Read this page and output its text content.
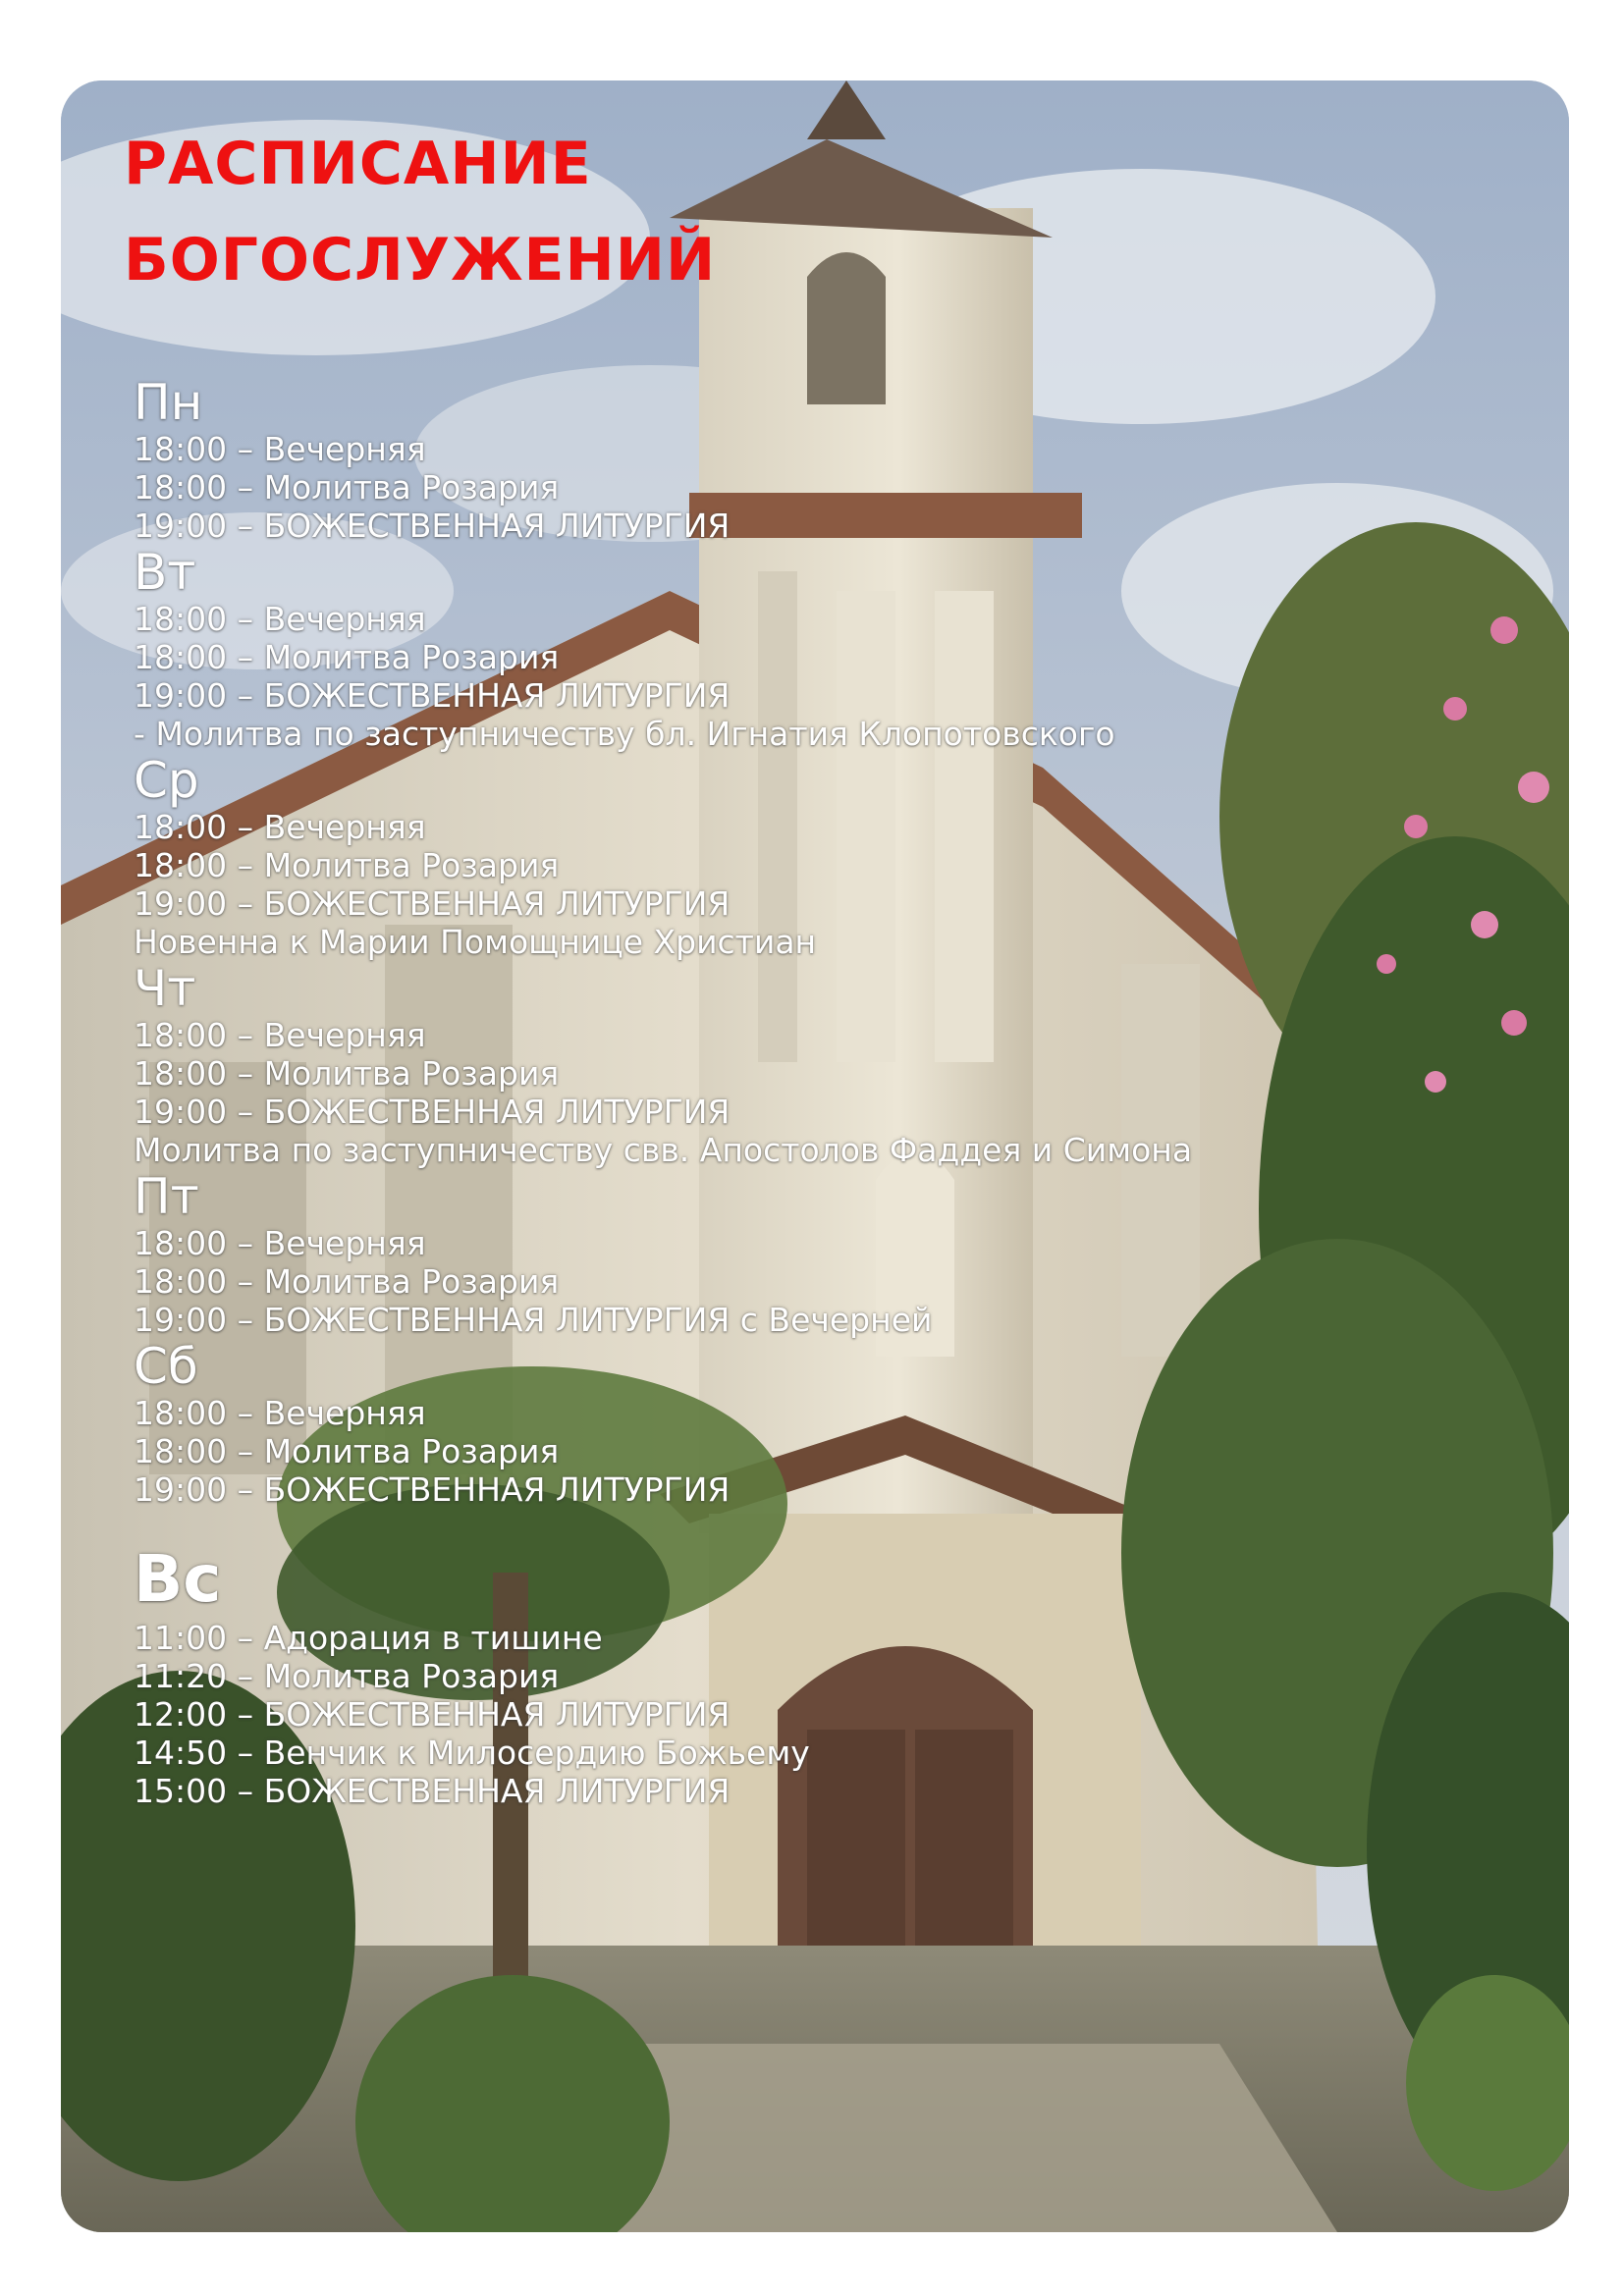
РАСПИСАНИЕ
БОГОСЛУЖЕНИЙ
Пн
18:00 – Вечерняя
18:00 – Молитва Розария
19:00 – БОЖЕСТВЕННАЯ ЛИТУРГИЯ
Вт
18:00 – Вечерняя
18:00 – Молитва Розария
19:00 – БОЖЕСТВЕННАЯ ЛИТУРГИЯ
- Молитва по заступничеству бл. Игнатия Клопотовского
Ср
18:00 – Вечерняя
18:00 – Молитва Розария
19:00 – БОЖЕСТВЕННАЯ ЛИТУРГИЯ
Новенна к Марии Помощнице Христиан
Чт
18:00 – Вечерняя
18:00 – Молитва Розария
19:00 – БОЖЕСТВЕННАЯ ЛИТУРГИЯ
Молитва по заступничеству свв. Апостолов Фаддея и Симона
Пт
18:00 – Вечерняя
18:00 – Молитва Розария
19:00 – БОЖЕСТВЕННАЯ ЛИТУРГИЯ с Вечерней
Сб
18:00 – Вечерняя
18:00 – Молитва Розария
19:00 – БОЖЕСТВЕННАЯ ЛИТУРГИЯ
Вс
11:00 – Адорация в тишине
11:20 – Молитва Розария
12:00 – БОЖЕСТВЕННАЯ ЛИТУРГИЯ
14:50 – Венчик к Милосердию Божьему
15:00 – БОЖЕСТВЕННАЯ ЛИТУРГИЯ
